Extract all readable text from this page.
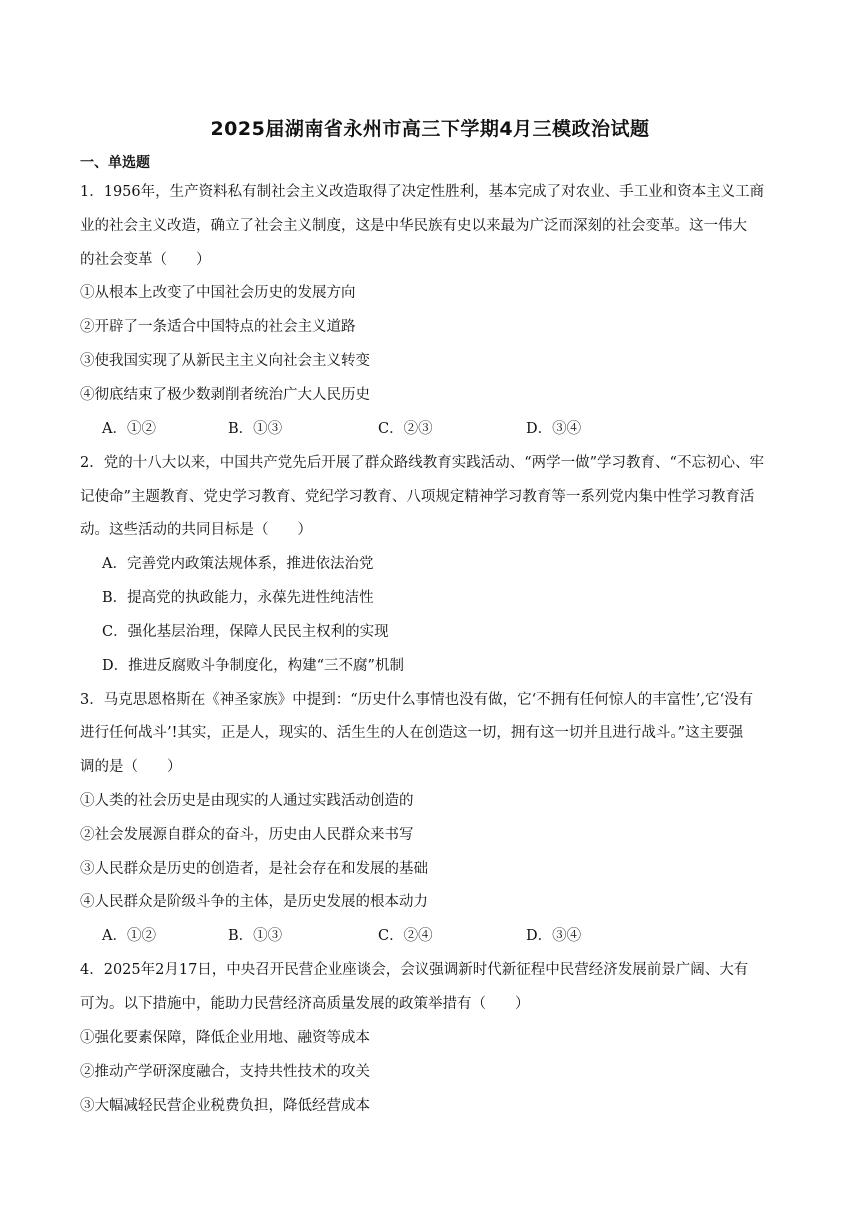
2025届湖南省永州市高三下学期4月三模政治试题
一、单选题
1．1956年，生产资料私有制社会主义改造取得了决定性胜利，基本完成了对农业、手工业和资本主义工商
业的社会主义改造，确立了社会主义制度，这是中华民族有史以来最为广泛而深刻的社会变革。这一伟大
的社会变革（　　）
①从根本上改变了中国社会历史的发展方向
②开辟了一条适合中国特点的社会主义道路
③使我国实现了从新民主主义向社会主义转变
④彻底结束了极少数剥削者统治广大人民历史
A．①②	B．①③	C．②③	D．③④
2．党的十八大以来，中国共产党先后开展了群众路线教育实践活动、“两学一做”学习教育、“不忘初心、牢
记使命”主题教育、党史学习教育、党纪学习教育、八项规定精神学习教育等一系列党内集中性学习教育活
动。这些活动的共同目标是（　　）
A．完善党内政策法规体系，推进依法治党
B．提高党的执政能力，永葆先进性纯洁性
C．强化基层治理，保障人民民主权利的实现
D．推进反腐败斗争制度化，构建“三不腐”机制
3．马克思恩格斯在《神圣家族》中提到：“历史什么事情也没有做，它‘不拥有任何惊人的丰富性’,它‘没有
进行任何战斗’!其实，正是人，现实的、活生生的人在创造这一切，拥有这一切并且进行战斗。”这主要强
调的是（　　）
①人类的社会历史是由现实的人通过实践活动创造的
②社会发展源自群众的奋斗，历史由人民群众来书写
③人民群众是历史的创造者，是社会存在和发展的基础
④人民群众是阶级斗争的主体，是历史发展的根本动力
A．①②	B．①③	C．②④	D．③④
4．2025年2月17日，中央召开民营企业座谈会，会议强调新时代新征程中民营经济发展前景广阔、大有
可为。以下措施中，能助力民营经济高质量发展的政策举措有（　　）
①强化要素保障，降低企业用地、融资等成本
②推动产学研深度融合，支持共性技术的攻关
③大幅减轻民营企业税费负担，降低经营成本
